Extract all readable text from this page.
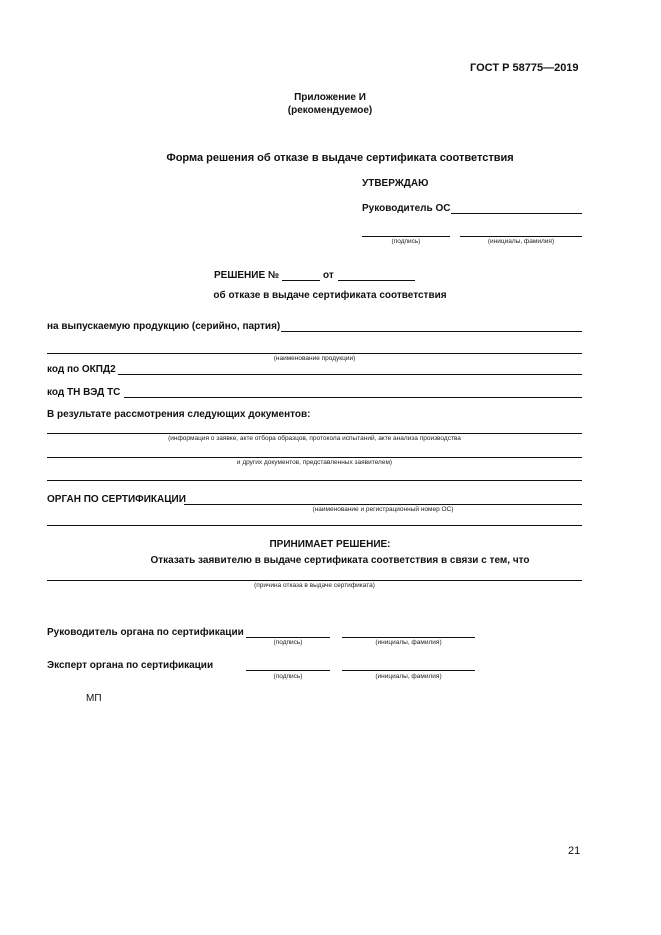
ГОСТ Р 58775—2019
Приложение И
(рекомендуемое)
Форма решения об отказе в выдаче сертификата соответствия
УТВЕРЖДАЮ
Руководитель ОС
(подпись)	(инициалы, фамилия)
РЕШЕНИЕ №	от
об отказе в выдаче сертификата соответствия
на выпускаемую продукцию (серийно, партия)
(наименование продукции)
код по ОКПД2
код ТН ВЭД ТС
В результате рассмотрения следующих документов:
(информация о заявке, акте отбора образцов, протокола испытаний, акте анализа производства
и других документов, представленных заявителем)
ОРГАН ПО СЕРТИФИКАЦИИ
(наименование и регистрационный номер ОС)
ПРИНИМАЕТ РЕШЕНИЕ:
Отказать заявителю в выдаче сертификата соответствия в связи с тем, что
(причина отказа в выдаче сертификата)
Руководитель органа по сертификации
(подпись)	(инициалы, фамилия)
Эксперт органа по сертификации
(подпись)	(инициалы, фамилия)
МП
21
